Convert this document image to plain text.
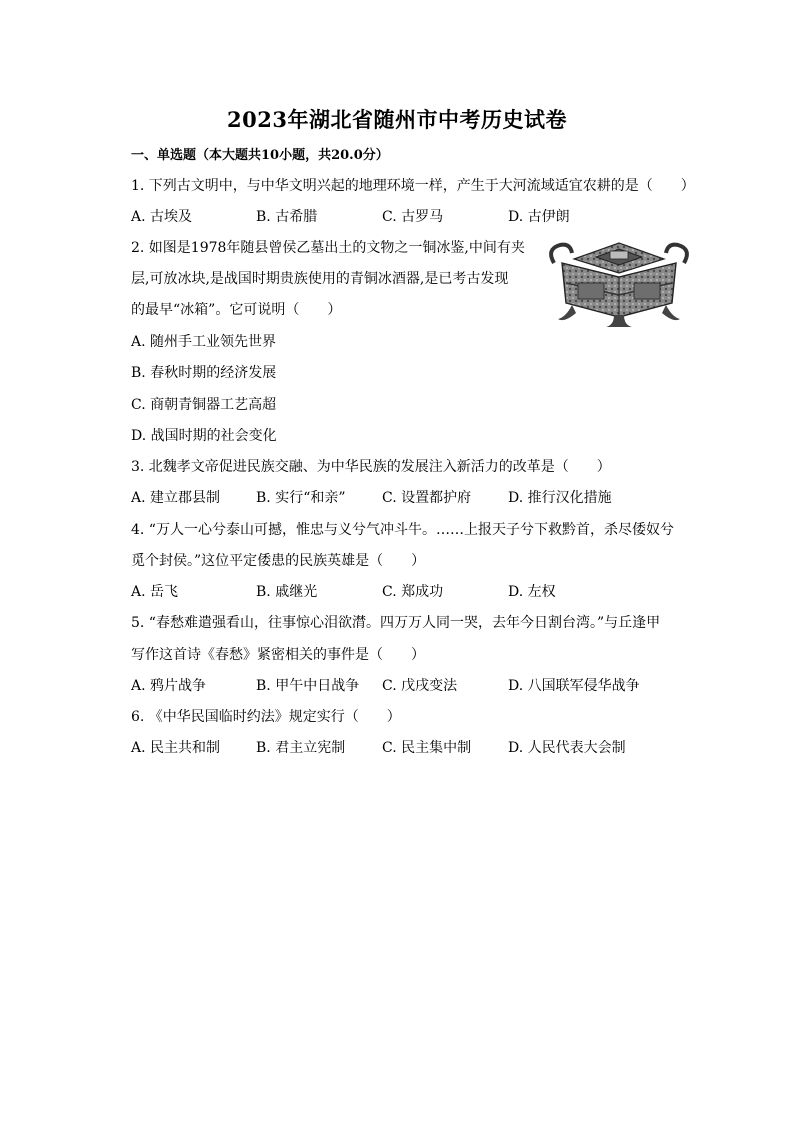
2023年湖北省随州市中考历史试卷
一、单选题（本大题共10小题，共20.0分）
1. 下列古文明中，与中华文明兴起的地理环境一样，产生于大河流域适宜农耕的是（　　）
A. 古埃及	B. 古希腊	C. 古罗马	D. 古伊朗
2. 如图是1978年随县曾侯乙墓出土的文物之一铜冰鉴,中间有夹
层,可放冰块,是战国时期贵族使用的青铜冰酒器,是已考古发现
的最早“冰箱”。它可说明（　　）
A. 随州手工业领先世界
B. 春秋时期的经济发展
C. 商朝青铜器工艺高超
D. 战国时期的社会变化
3. 北魏孝文帝促进民族交融、为中华民族的发展注入新活力的改革是（　　）
A. 建立郡县制	B. 实行“和亲”	C. 设置都护府	D. 推行汉化措施
4. “万人一心兮泰山可撼，惟忠与义兮气冲斗牛。……上报天子兮下救黔首，杀尽倭奴兮
觅个封侯。”这位平定倭患的民族英雄是（　　）
A. 岳飞	B. 戚继光	C. 郑成功	D. 左权
5. “春愁难遣强看山，往事惊心泪欲潸。四万万人同一哭，去年今日割台湾。”与丘逢甲
写作这首诗《春愁》紧密相关的事件是（　　）
A. 鸦片战争	B. 甲午中日战争 C. 戊戌变法	D. 八国联军侵华战争
6. 《中华民国临时约法》规定实行（　　）
A. 民主共和制	B. 君主立宪制	C. 民主集中制	D. 人民代表大会制
